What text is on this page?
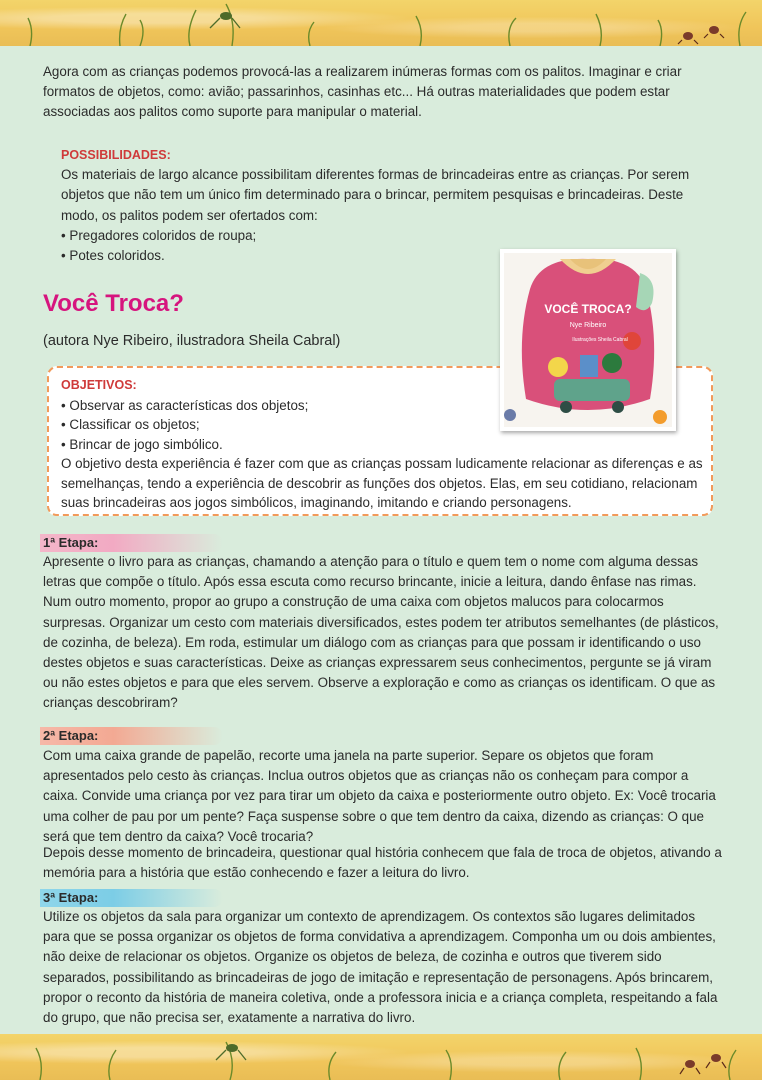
Agora com as crianças podemos provocá-las a realizarem inúmeras formas com os palitos. Imaginar e criar formatos de objetos, como: avião; passarinhos, casinhas etc... Há outras materialidades que podem estar associadas aos palitos como suporte para manipular o material.

POSSIBILIDADES:
Os materiais de largo alcance possibilitam diferentes formas de brincadeiras entre as crianças. Por serem objetos que não tem um único fim determinado para o brincar, permitem pesquisas e brincadeiras. Deste modo, os palitos podem ser ofertados com:
• Pregadores coloridos de roupa;
• Potes coloridos.
Você Troca?
(autora Nye Ribeiro, ilustradora Sheila Cabral)
OBJETIVOS:
• Observar as características dos objetos;
• Classificar os objetos;
• Brincar de jogo simbólico.
O objetivo desta experiência é fazer com que as crianças possam ludicamente relacionar as diferenças e as semelhanças, tendo a experiência de descobrir as funções dos objetos. Elas, em seu cotidiano, relacionam suas brincadeiras aos jogos simbólicos, imaginando, imitando e criando personagens.
VOCÊ TROCA?
Nye Ribeiro
Ilustrações Sheila Cabral
1ª Etapa:

Apresente o livro para as crianças, chamando a atenção para o título e quem tem o nome com alguma dessas letras que compõe o título. Após essa escuta como recurso brincante, inicie a leitura, dando ênfase nas rimas. Num outro momento, propor ao grupo a construção de uma caixa com objetos malucos para colocarmos surpresas. Organizar um cesto com materiais diversificados, estes podem ter atributos semelhantes (de plásticos, de cozinha, de beleza). Em roda, estimular um diálogo com as crianças para que possam ir identificando o uso destes objetos e suas características. Deixe as crianças expressarem seus conhecimentos, pergunte se já viram ou não estes objetos e para que eles servem. Observe a exploração e como as crianças os identificam. O que as crianças descobriram?

2ª Etapa:

Com uma caixa grande de papelão, recorte uma janela na parte superior. Separe os objetos que foram apresentados pelo cesto às crianças. Inclua outros objetos que as crianças não os conheçam para compor a caixa. Convide uma criança por vez para tirar um objeto da caixa e posteriormente outro objeto. Ex: Você trocaria uma colher de pau por um pente? Faça suspense sobre o que tem dentro da caixa, dizendo as crianças: O que será que tem dentro da caixa? Você trocaria?

Depois desse momento de brincadeira, questionar qual história conhecem que fala de troca de objetos, ativando a memória para a história que estão conhecendo e fazer a leitura do livro.

3ª Etapa:

Utilize os objetos da sala para organizar um contexto de aprendizagem. Os contextos são lugares delimitados para que se possa organizar os objetos de forma convidativa a aprendizagem. Componha um ou dois ambientes, não deixe de relacionar os objetos. Organize os objetos de beleza, de cozinha e outros que tiverem sido separados, possibilitando as brincadeiras de jogo de imitação e representação de personagens. Após brincarem, propor o reconto da história de maneira coletiva, onde a professora inicia e a criança completa, respeitando a fala do grupo, que não precisa ser, exatamente a narrativa do livro.
